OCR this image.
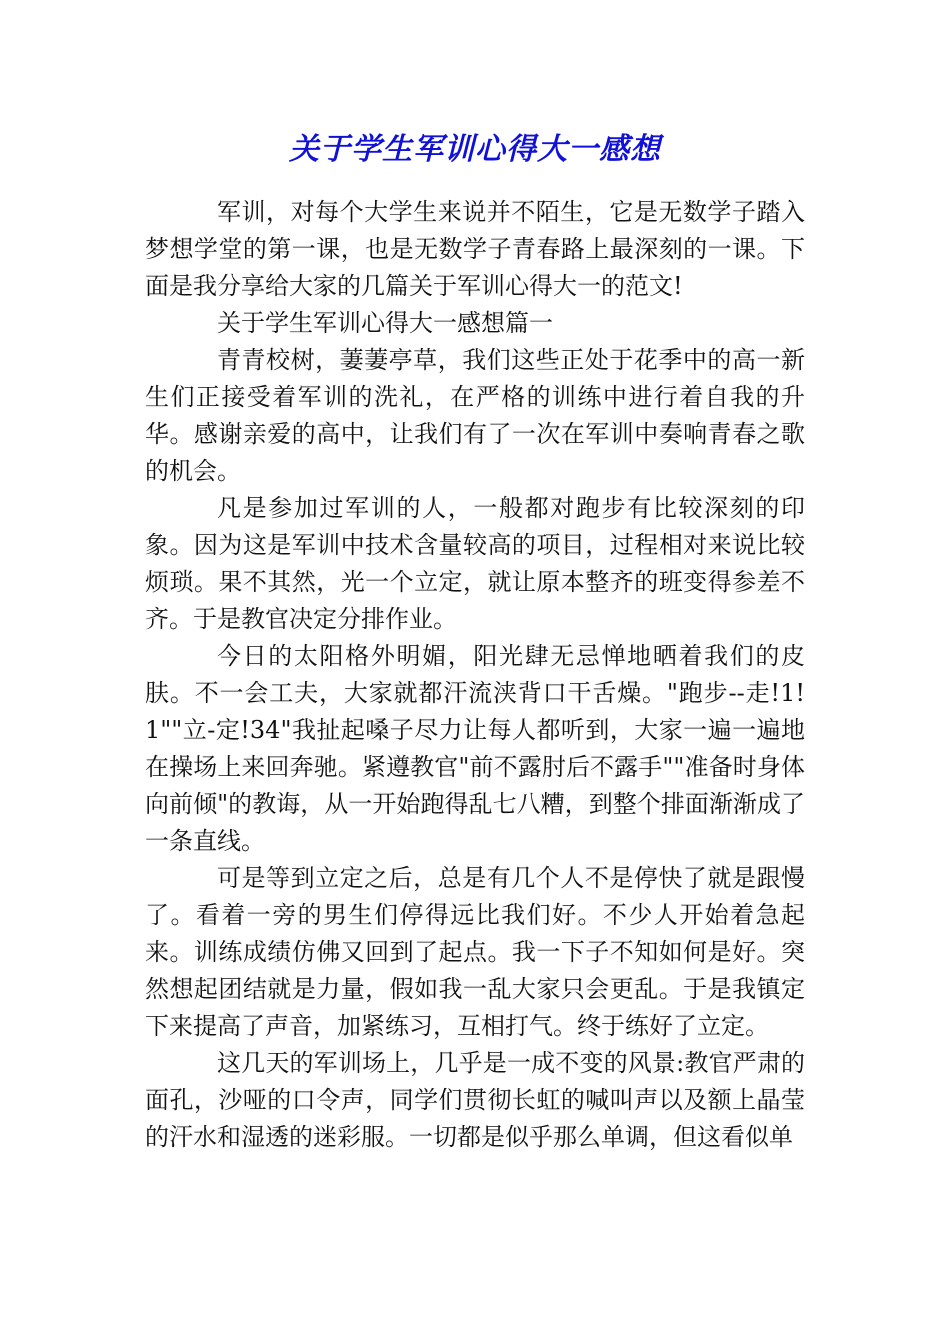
关于学生军训心得大一感想

军训，对每个大学生来说并不陌生，它是无数学子踏入梦想学堂的第一课，也是无数学子青春路上最深刻的一课。下面是我分享给大家的几篇关于军训心得大一的范文!

关于学生军训心得大一感想篇一

青青校树，萋萋亭草，我们这些正处于花季中的高一新生们正接受着军训的洗礼，在严格的训练中进行着自我的升华。感谢亲爱的高中，让我们有了一次在军训中奏响青春之歌的机会。

凡是参加过军训的人，一般都对跑步有比较深刻的印象。因为这是军训中技术含量较高的项目，过程相对来说比较烦琐。果不其然，光一个立定，就让原本整齐的班变得参差不齐。于是教官决定分排作业。

今日的太阳格外明媚，阳光肆无忌惮地晒着我们的皮肤。不一会工夫，大家就都汗流浃背口干舌燥。"跑步--走!1!1""立-定!34"我扯起嗓子尽力让每人都听到，大家一遍一遍地在操场上来回奔驰。紧遵教官"前不露肘后不露手""准备时身体向前倾"的教诲，从一开始跑得乱七八糟，到整个排面渐渐成了一条直线。

可是等到立定之后，总是有几个人不是停快了就是跟慢了。看着一旁的男生们停得远比我们好。不少人开始着急起来。训练成绩仿佛又回到了起点。我一下子不知如何是好。突然想起团结就是力量，假如我一乱大家只会更乱。于是我镇定下来提高了声音，加紧练习，互相打气。终于练好了立定。

这几天的军训场上，几乎是一成不变的风景:教官严肃的面孔，沙哑的口令声，同学们贯彻长虹的喊叫声以及额上晶莹的汗水和湿透的迷彩服。一切都是似乎那么单调，但这看似单
